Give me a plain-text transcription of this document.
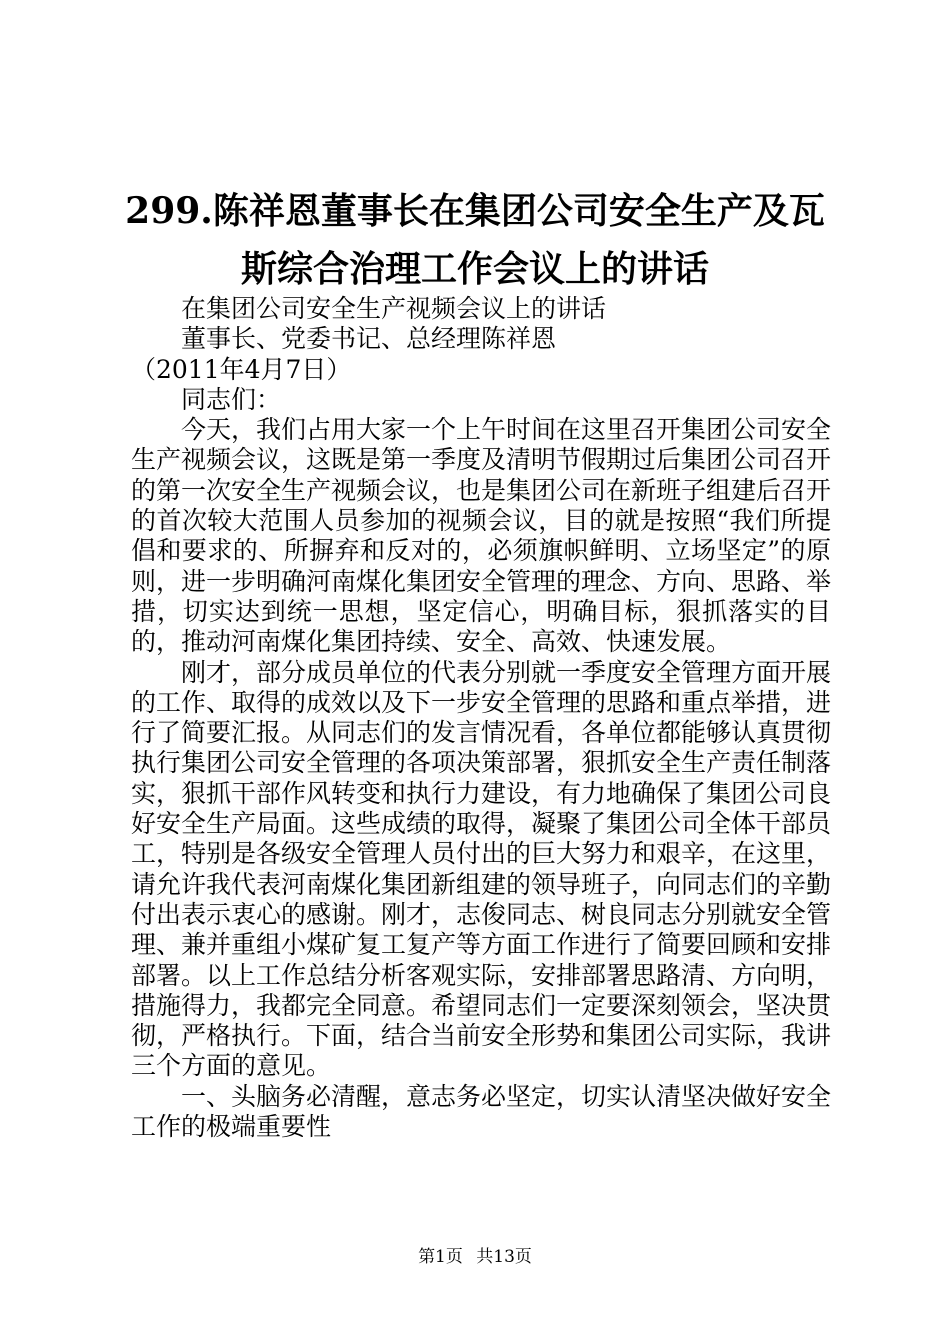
299.陈祥恩董事长在集团公司安全生产及瓦斯综合治理工作会议上的讲话

在集团公司安全生产视频会议上的讲话

董事长、党委书记、总经理陈祥恩

（2011年4月7日）

同志们：

今天，我们占用大家一个上午时间在这里召开集团公司安全生产视频会议，这既是第一季度及清明节假期过后集团公司召开的第一次安全生产视频会议，也是集团公司在新班子组建后召开的首次较大范围人员参加的视频会议，目的就是按照“我们所提倡和要求的、所摒弃和反对的，必须旗帜鲜明、立场坚定”的原则，进一步明确河南煤化集团安全管理的理念、方向、思路、举措，切实达到统一思想，坚定信心，明确目标，狠抓落实的目的，推动河南煤化集团持续、安全、高效、快速发展。

刚才，部分成员单位的代表分别就一季度安全管理方面开展的工作、取得的成效以及下一步安全管理的思路和重点举措，进行了简要汇报。从同志们的发言情况看，各单位都能够认真贯彻执行集团公司安全管理的各项决策部署，狠抓安全生产责任制落实，狠抓干部作风转变和执行力建设，有力地确保了集团公司良好安全生产局面。这些成绩的取得，凝聚了集团公司全体干部员工，特别是各级安全管理人员付出的巨大努力和艰辛，在这里，请允许我代表河南煤化集团新组建的领导班子，向同志们的辛勤付出表示衷心的感谢。刚才，志俊同志、树良同志分别就安全管理、兼并重组小煤矿复工复产等方面工作进行了简要回顾和安排部署。以上工作总结分析客观实际，安排部署思路清、方向明，措施得力，我都完全同意。希望同志们一定要深刻领会，坚决贯彻，严格执行。下面，结合当前安全形势和集团公司实际，我讲三个方面的意见。

一、头脑务必清醒，意志务必坚定，切实认清坚决做好安全工作的极端重要性

第1页 共13页
